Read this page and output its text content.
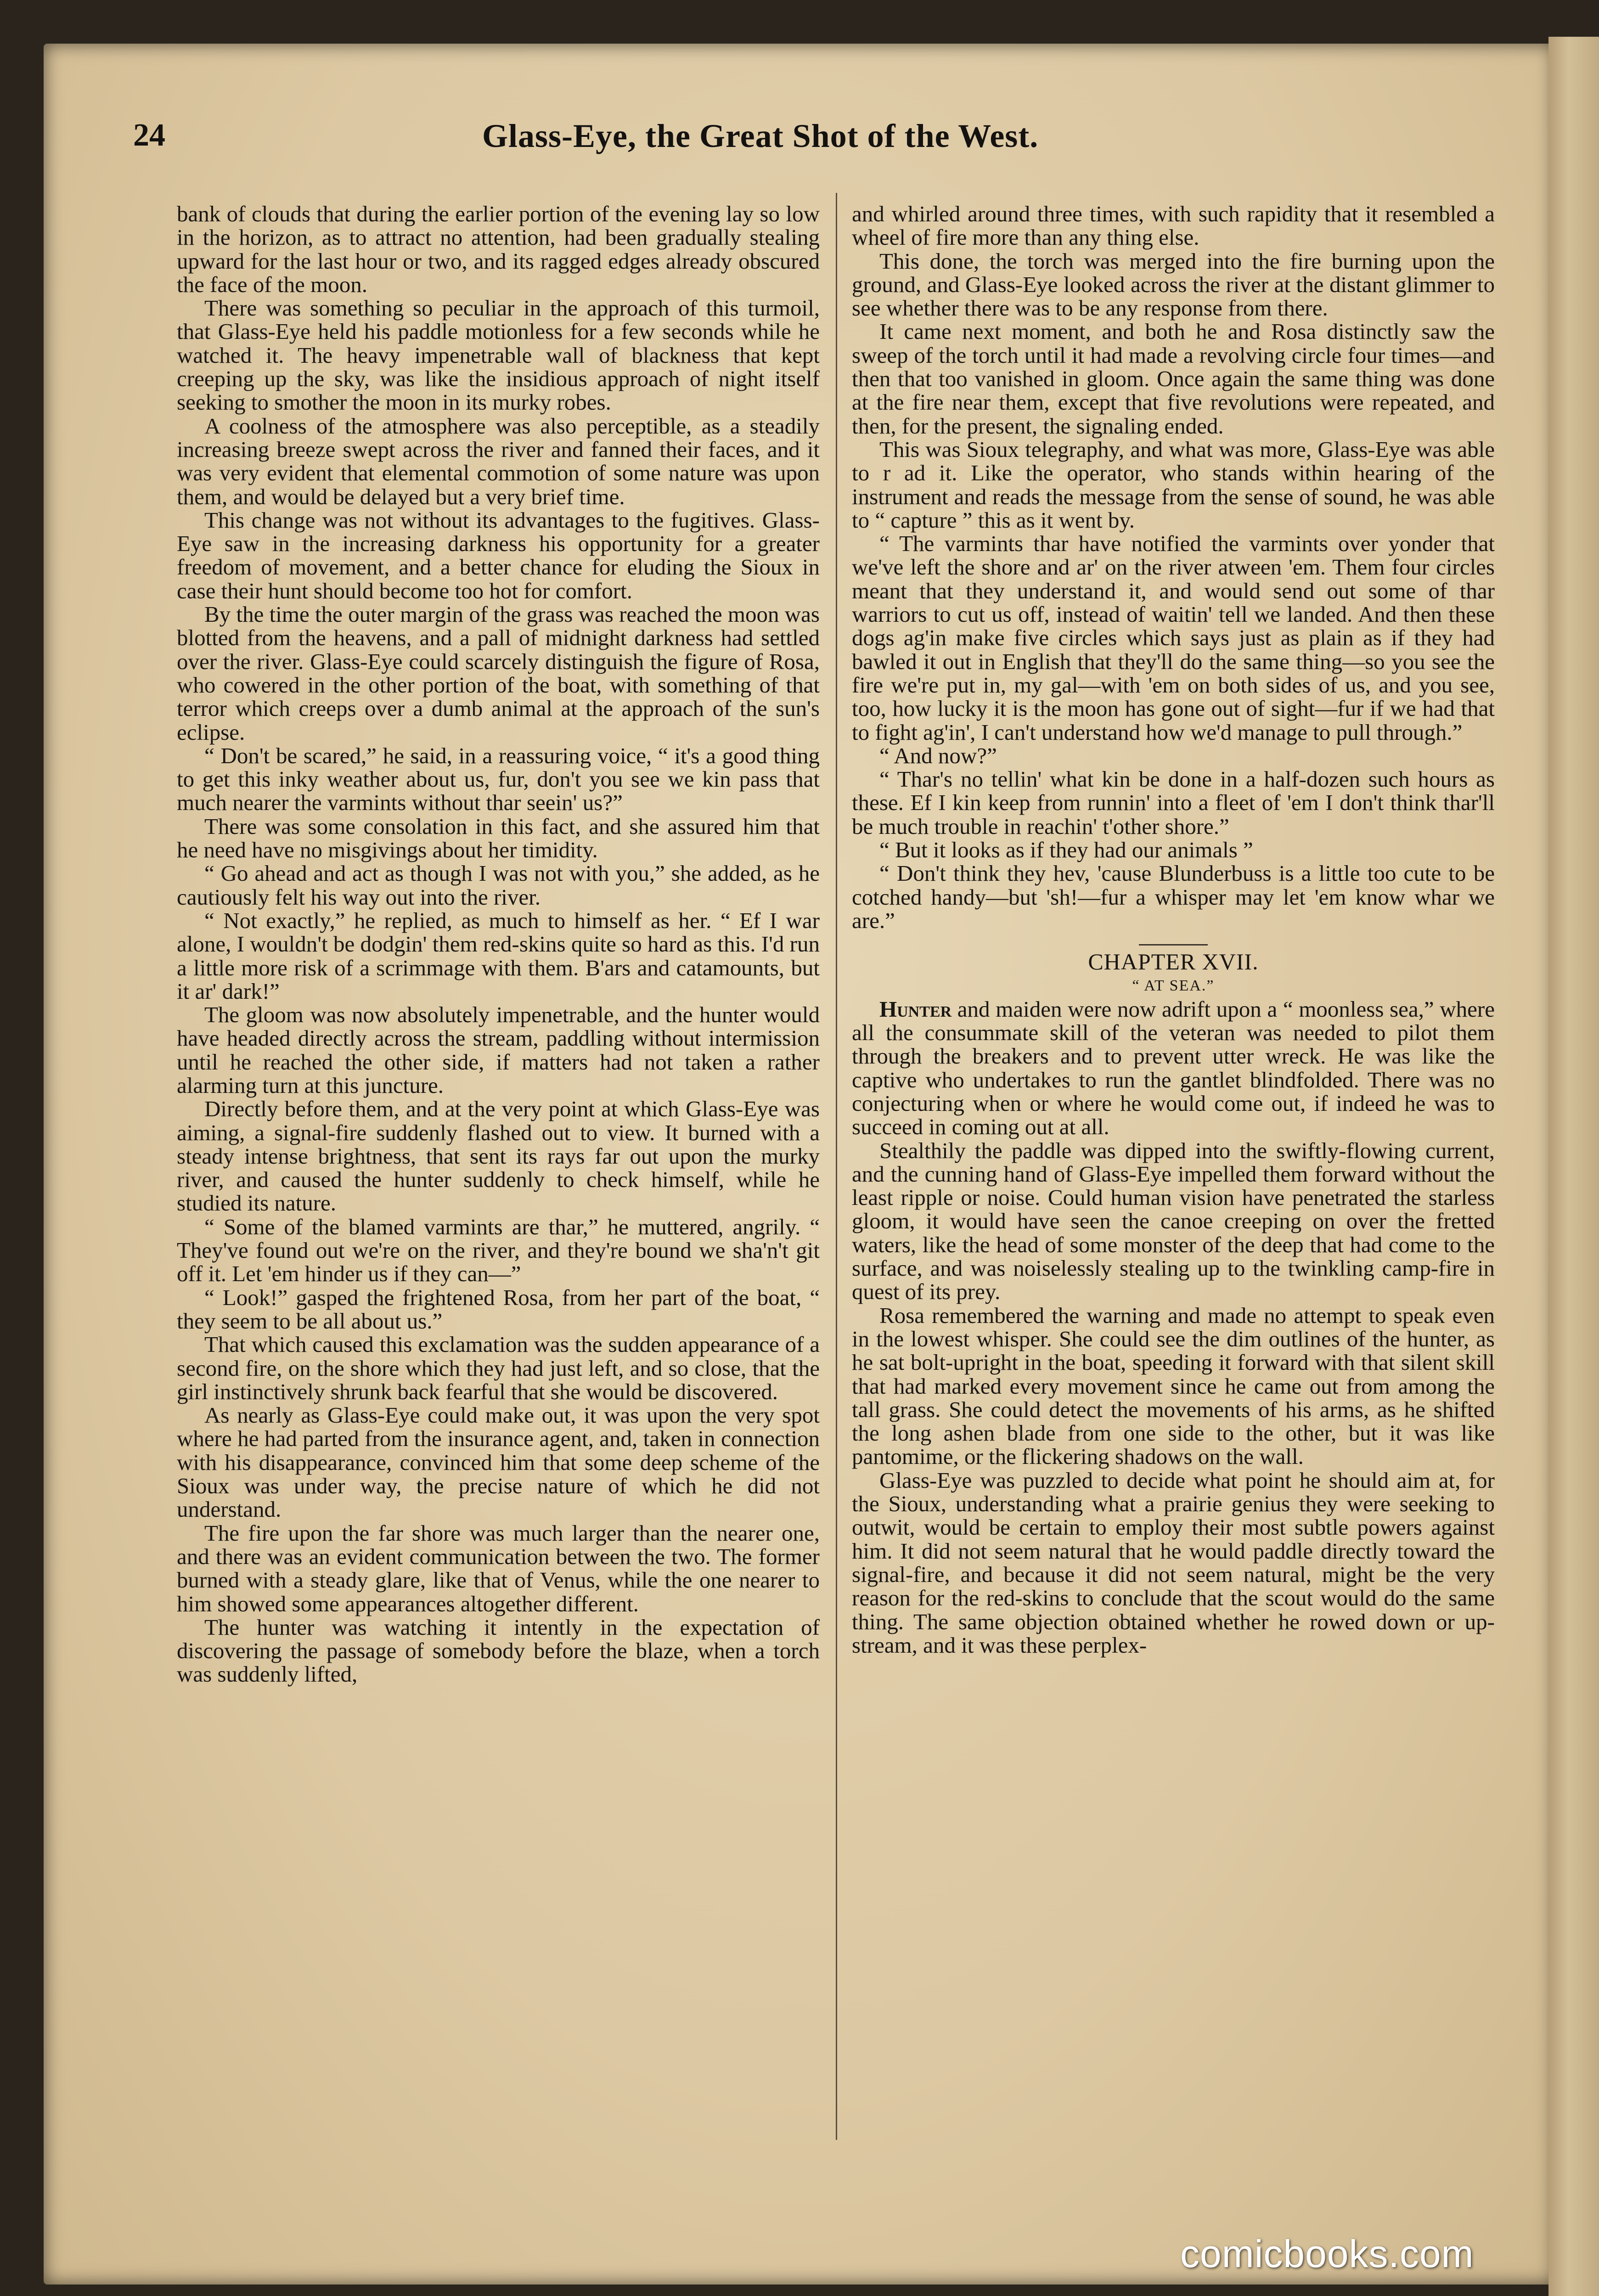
24	Glass-Eye, the Great Shot of the West.

bank of clouds that during the earlier portion of the evening lay so low in the horizon, as to attract no attention, had been gradually stealing upward for the last hour or two, and its ragged edges already obscured the face of the moon.

There was something so peculiar in the approach of this turmoil, that Glass-Eye held his paddle motionless for a few seconds while he watched it. The heavy impenetrable wall of blackness that kept creeping up the sky, was like the insidious approach of night itself seeking to smother the moon in its murky robes.

A coolness of the atmosphere was also perceptible, as a steadily increasing breeze swept across the river and fanned their faces, and it was very evident that elemental commotion of some nature was upon them, and would be delayed but a very brief time.

This change was not without its advantages to the fugitives. Glass-Eye saw in the increasing darkness his opportunity for a greater freedom of movement, and a better chance for eluding the Sioux in case their hunt should become too hot for comfort.

By the time the outer margin of the grass was reached the moon was blotted from the heavens, and a pall of midnight darkness had settled over the river. Glass-Eye could scarcely distinguish the figure of Rosa, who cowered in the other portion of the boat, with something of that terror which creeps over a dumb animal at the approach of the sun's eclipse.

“ Don't be scared,” he said, in a reassuring voice, “ it's a good thing to get this inky weather about us, fur, don't you see we kin pass that much nearer the varmints without thar seein' us?”

There was some consolation in this fact, and she assured him that he need have no misgivings about her timidity.

“ Go ahead and act as though I was not with you,” she added, as he cautiously felt his way out into the river.

“ Not exactly,” he replied, as much to himself as her. “ Ef I war alone, I wouldn't be dodgin' them red-skins quite so hard as this. I'd run a little more risk of a scrimmage with them. B'ars and catamounts, but it ar' dark!”

The gloom was now absolutely impenetrable, and the hunter would have headed directly across the stream, paddling without intermission until he reached the other side, if matters had not taken a rather alarming turn at this juncture.

Directly before them, and at the very point at which Glass-Eye was aiming, a signal-fire suddenly flashed out to view. It burned with a steady intense brightness, that sent its rays far out upon the murky river, and caused the hunter suddenly to check himself, while he studied its nature.

“ Some of the blamed varmints are thar,” he muttered, angrily. “ They've found out we're on the river, and they're bound we sha'n't git off it. Let 'em hinder us if they can—”

“ Look!” gasped the frightened Rosa, from her part of the boat, “ they seem to be all about us.”

That which caused this exclamation was the sudden appearance of a second fire, on the shore which they had just left, and so close, that the girl instinctively shrunk back fearful that she would be discovered.

As nearly as Glass-Eye could make out, it was upon the very spot where he had parted from the insurance agent, and, taken in connection with his disappearance, convinced him that some deep scheme of the Sioux was under way, the precise nature of which he did not understand.

The fire upon the far shore was much larger than the nearer one, and there was an evident communication between the two. The former burned with a steady glare, like that of Venus, while the one nearer to him showed some appearances altogether different.

The hunter was watching it intently in the expectation of discovering the passage of somebody before the blaze, when a torch was suddenly lifted,

and whirled around three times, with such rapidity that it resembled a wheel of fire more than any thing else.

This done, the torch was merged into the fire burning upon the ground, and Glass-Eye looked across the river at the distant glimmer to see whether there was to be any response from there.

It came next moment, and both he and Rosa distinctly saw the sweep of the torch until it had made a revolving circle four times—and then that too vanished in gloom. Once again the same thing was done at the fire near them, except that five revolutions were repeated, and then, for the present, the signaling ended.

This was Sioux telegraphy, and what was more, Glass-Eye was able to r ad it. Like the operator, who stands within hearing of the instrument and reads the message from the sense of sound, he was able to “ capture ” this as it went by.

“ The varmints thar have notified the varmints over yonder that we've left the shore and ar' on the river atween 'em. Them four circles meant that they understand it, and would send out some of thar warriors to cut us off, instead of waitin' tell we landed. And then these dogs ag'in make five circles which says just as plain as if they had bawled it out in English that they'll do the same thing—so you see the fire we're put in, my gal—with 'em on both sides of us, and you see, too, how lucky it is the moon has gone out of sight—fur if we had that to fight ag'in', I can't understand how we'd manage to pull through.”

“ And now?”

“ Thar's no tellin' what kin be done in a half-dozen such hours as these. Ef I kin keep from runnin' into a fleet of 'em I don't think thar'll be much trouble in reachin' t'other shore.”

“ But it looks as if they had our animals ”

“ Don't think they hev, 'cause Blunderbuss is a little too cute to be cotched handy—but 'sh!—fur a whisper may let 'em know whar we are.”

CHAPTER XVII.

“ AT SEA.”

Hunter and maiden were now adrift upon a “ moonless sea,” where all the consummate skill of the veteran was needed to pilot them through the breakers and to prevent utter wreck. He was like the captive who undertakes to run the gantlet blindfolded. There was no conjecturing when or where he would come out, if indeed he was to succeed in coming out at all.

Stealthily the paddle was dipped into the swiftly-flowing current, and the cunning hand of Glass-Eye impelled them forward without the least ripple or noise. Could human vision have penetrated the starless gloom, it would have seen the canoe creeping on over the fretted waters, like the head of some monster of the deep that had come to the surface, and was noiselessly stealing up to the twinkling camp-fire in quest of its prey.

Rosa remembered the warning and made no attempt to speak even in the lowest whisper. She could see the dim outlines of the hunter, as he sat bolt-upright in the boat, speeding it forward with that silent skill that had marked every movement since he came out from among the tall grass. She could detect the movements of his arms, as he shifted the long ashen blade from one side to the other, but it was like pantomime, or the flickering shadows on the wall.

Glass-Eye was puzzled to decide what point he should aim at, for the Sioux, understanding what a prairie genius they were seeking to outwit, would be certain to employ their most subtle powers against him. It did not seem natural that he would paddle directly toward the signal-fire, and because it did not seem natural, might be the very reason for the red-skins to conclude that the scout would do the same thing. The same objection obtained whether he rowed down or up-stream, and it was these perplex-

comicbooks.com
